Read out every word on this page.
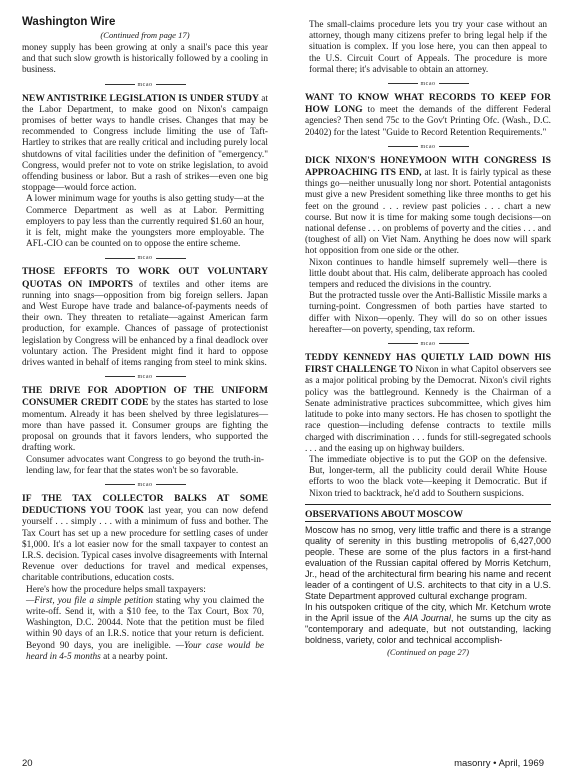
Washington Wire
(Continued from page 17)

money supply has been growing at only a snail's pace this year and that such slow growth is historically followed by a cooling in business.

mcao

NEW ANTISTRIKE LEGISLATION IS UNDER STUDY at the Labor Department, to make good on Nixon's campaign promises of better ways to handle crises. Changes that may be recommended to Congress include limiting the use of Taft-Hartley to strikes that are really critical and including purely local shutdowns of vital facilities under the definition of "emergency." Congress, would prefer not to vote on strike legislation, to avoid offending business or labor. But a rash of strikes—even one big stoppage—would force action.

A lower minimum wage for youths is also getting study—at the Commerce Department as well as at Labor. Permitting employers to pay less than the currently required $1.60 an hour, it is felt, might make the youngsters more employable. The AFL-CIO can be counted on to oppose the entire scheme.

mcao

THOSE EFFORTS TO WORK OUT VOLUNTARY QUOTAS ON IMPORTS of textiles and other items are running into snags—opposition from big foreign sellers. Japan and West Europe have trade and balance-of-payments needs of their own. They threaten to retaliate—against American farm production, for example. Chances of passage of protectionist legislation by Congress will be enhanced by a final deadlock over voluntary action. The President might find it hard to oppose drives wanted in behalf of items ranging from steel to mink skins.

mcao

THE DRIVE FOR ADOPTION OF THE UNIFORM CONSUMER CREDIT CODE by the states has started to lose momentum. Already it has been shelved by three legislatures—more than have passed it. Consumer groups are fighting the proposal on grounds that it favors lenders, who supported the drafting work.

Consumer advocates want Congress to go beyond the truth-in-lending law, for fear that the states won't be so favorable.

mcao

IF THE TAX COLLECTOR BALKS AT SOME DEDUCTIONS YOU TOOK last year, you can now defend yourself . . . simply . . . with a minimum of fuss and bother. The Tax Court has set up a new procedure for settling cases of under $1,000. It's a lot easier now for the small taxpayer to contest an I.R.S. decision. Typical cases involve disagreements with Internal Revenue over deductions for travel and medical expenses, charitable contributions, education costs.

Here's how the procedure helps small taxpayers:

—First, you file a simple petition stating why you claimed the write-off. Send it, with a $10 fee, to the Tax Court, Box 70, Washington, D.C. 20044. Note that the petition must be filed within 90 days of an I.R.S. notice that your return is deficient. Beyond 90 days, you are ineligible. —Your case would be heard in 4-5 months at a nearby point.

The small-claims procedure lets you try your case without an attorney, though many citizens prefer to bring legal help if the situation is complex. If you lose here, you can then appeal to the U.S. Circuit Court of Appeals. The procedure is more formal there; it's advisable to obtain an attorney.

mcao

WANT TO KNOW WHAT RECORDS TO KEEP FOR HOW LONG to meet the demands of the different Federal agencies? Then send 75c to the Gov't Printing Ofc. (Wash., D.C. 20402) for the latest "Guide to Record Retention Requirements."

mcao

DICK NIXON'S HONEYMOON WITH CONGRESS IS APPROACHING ITS END, at last. It is fairly typical as these things go—neither unusually long nor short. Potential antagonists must give a new President something like three months to get his feet on the ground . . . review past policies . . . chart a new course. But now it is time for making some tough decisions—on national defense . . . on problems of poverty and the cities . . . and (toughest of all) on Viet Nam. Anything he does now will spark hot opposition from one side or the other.

Nixon continues to handle himself supremely well—there is little doubt about that. His calm, deliberate approach has cooled tempers and reduced the divisions in the country.

But the protracted tussle over the Anti-Ballistic Missile marks a turning-point. Congressmen of both parties have started to differ with Nixon—openly. They will do so on other issues hereafter—on poverty, spending, tax reform.

mcao

TEDDY KENNEDY HAS QUIETLY LAID DOWN HIS FIRST CHALLENGE TO Nixon in what Capitol observers see as a major political probing by the Democrat. Nixon's civil rights policy was the battleground. Kennedy is the Chairman of a Senate administrative practices subcommittee, which gives him latitude to poke into many sectors. He has chosen to spotlight the race question—including defense contracts to textile mills charged with discrimination . . . funds for still-segregated schools . . . and the easing up on highway builders.

The immediate objective is to put the GOP on the defensive. But, longer-term, all the publicity could derail White House efforts to woo the black vote—keeping it Democratic. But if Nixon tried to backtrack, he'd add to Southern suspicions.

OBSERVATIONS ABOUT MOSCOW

Moscow has no smog, very little traffic and there is a strange quality of serenity in this bustling metropolis of 6,427,000 people. These are some of the plus factors in a first-hand evaluation of the Russian capital offered by Morris Ketchum, Jr., head of the architectural firm bearing his name and recent leader of a contingent of U.S. architects to that city in a U.S. State Department approved cultural exchange program.

In his outspoken critique of the city, which Mr. Ketchum wrote in the April issue of the AIA Journal, he sums up the city as "contemporary and adequate, but not outstanding, lacking boldness, variety, color and technical accomplish-

(Continued on page 27)
20	masonry • April, 1969
